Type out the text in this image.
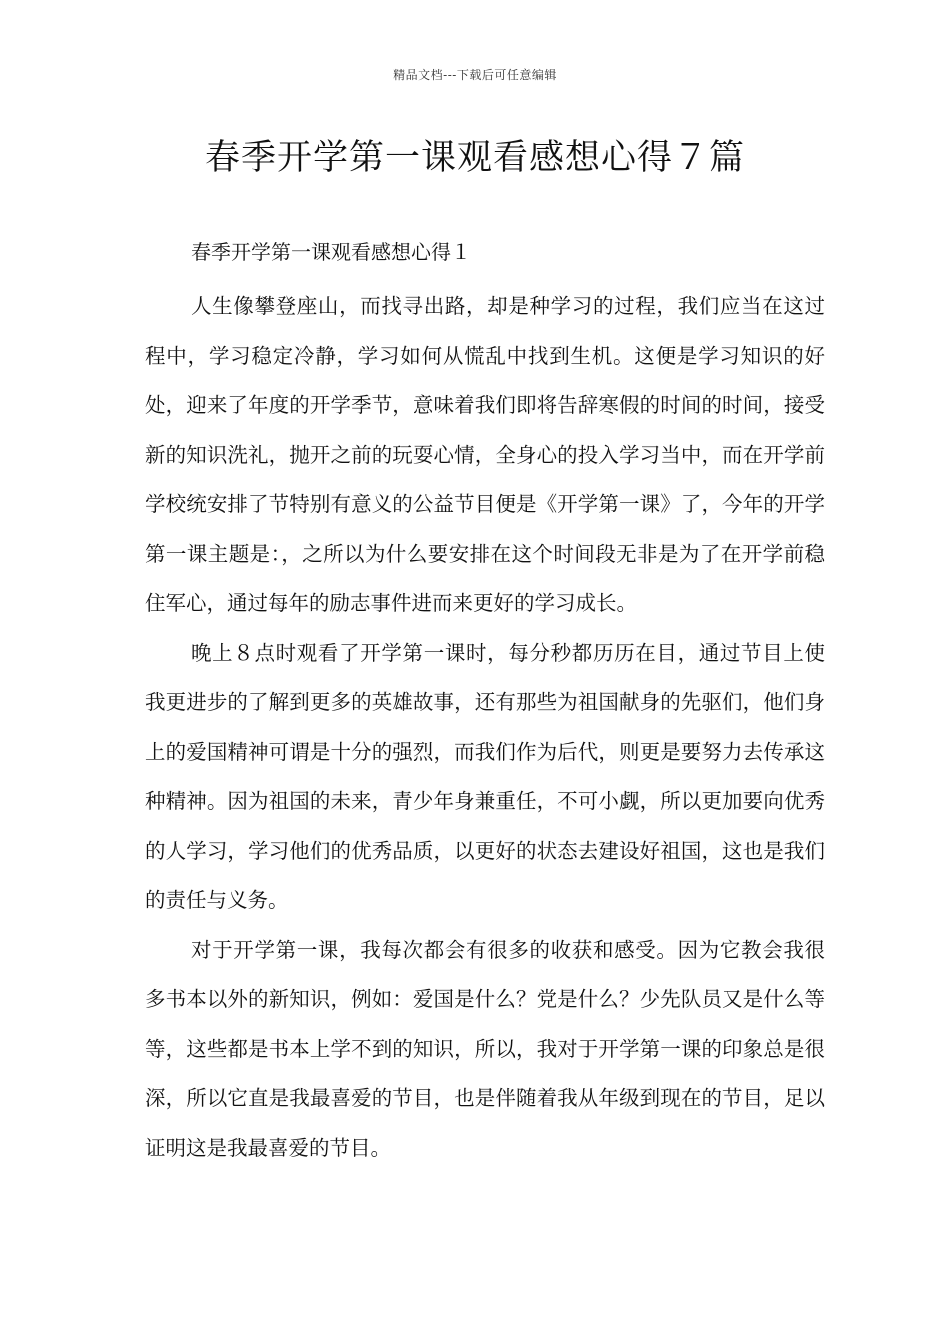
精品文档---下载后可任意编辑
春季开学第一课观看感想心得７篇
春季开学第一课观看感想心得１

人生像攀登座山，而找寻出路，却是种学习的过程，我们应当在这过程中，学习稳定冷静，学习如何从慌乱中找到生机。这便是学习知识的好处，迎来了年度的开学季节，意味着我们即将告辞寒假的时间的时间，接受新的知识洗礼，抛开之前的玩耍心情，全身心的投入学习当中，而在开学前学校统安排了节特别有意义的公益节目便是《开学第一课》了，今年的开学第一课主题是：，之所以为什么要安排在这个时间段无非是为了在开学前稳住军心，通过每年的励志事件进而来更好的学习成长。

晚上８点时观看了开学第一课时，每分秒都历历在目，通过节目上使我更进步的了解到更多的英雄故事，还有那些为祖国献身的先驱们，他们身上的爱国精神可谓是十分的强烈，而我们作为后代，则更是要努力去传承这种精神。因为祖国的未来，青少年身兼重任，不可小觑，所以更加要向优秀的人学习，学习他们的优秀品质，以更好的状态去建设好祖国，这也是我们的责任与义务。

对于开学第一课，我每次都会有很多的收获和感受。因为它教会我很多书本以外的新知识，例如：爱国是什么？党是什么？少先队员又是什么等等，这些都是书本上学不到的知识，所以，我对于开学第一课的印象总是很深，所以它直是我最喜爱的节目，也是伴随着我从年级到现在的节目，足以证明这是我最喜爱的节目。
